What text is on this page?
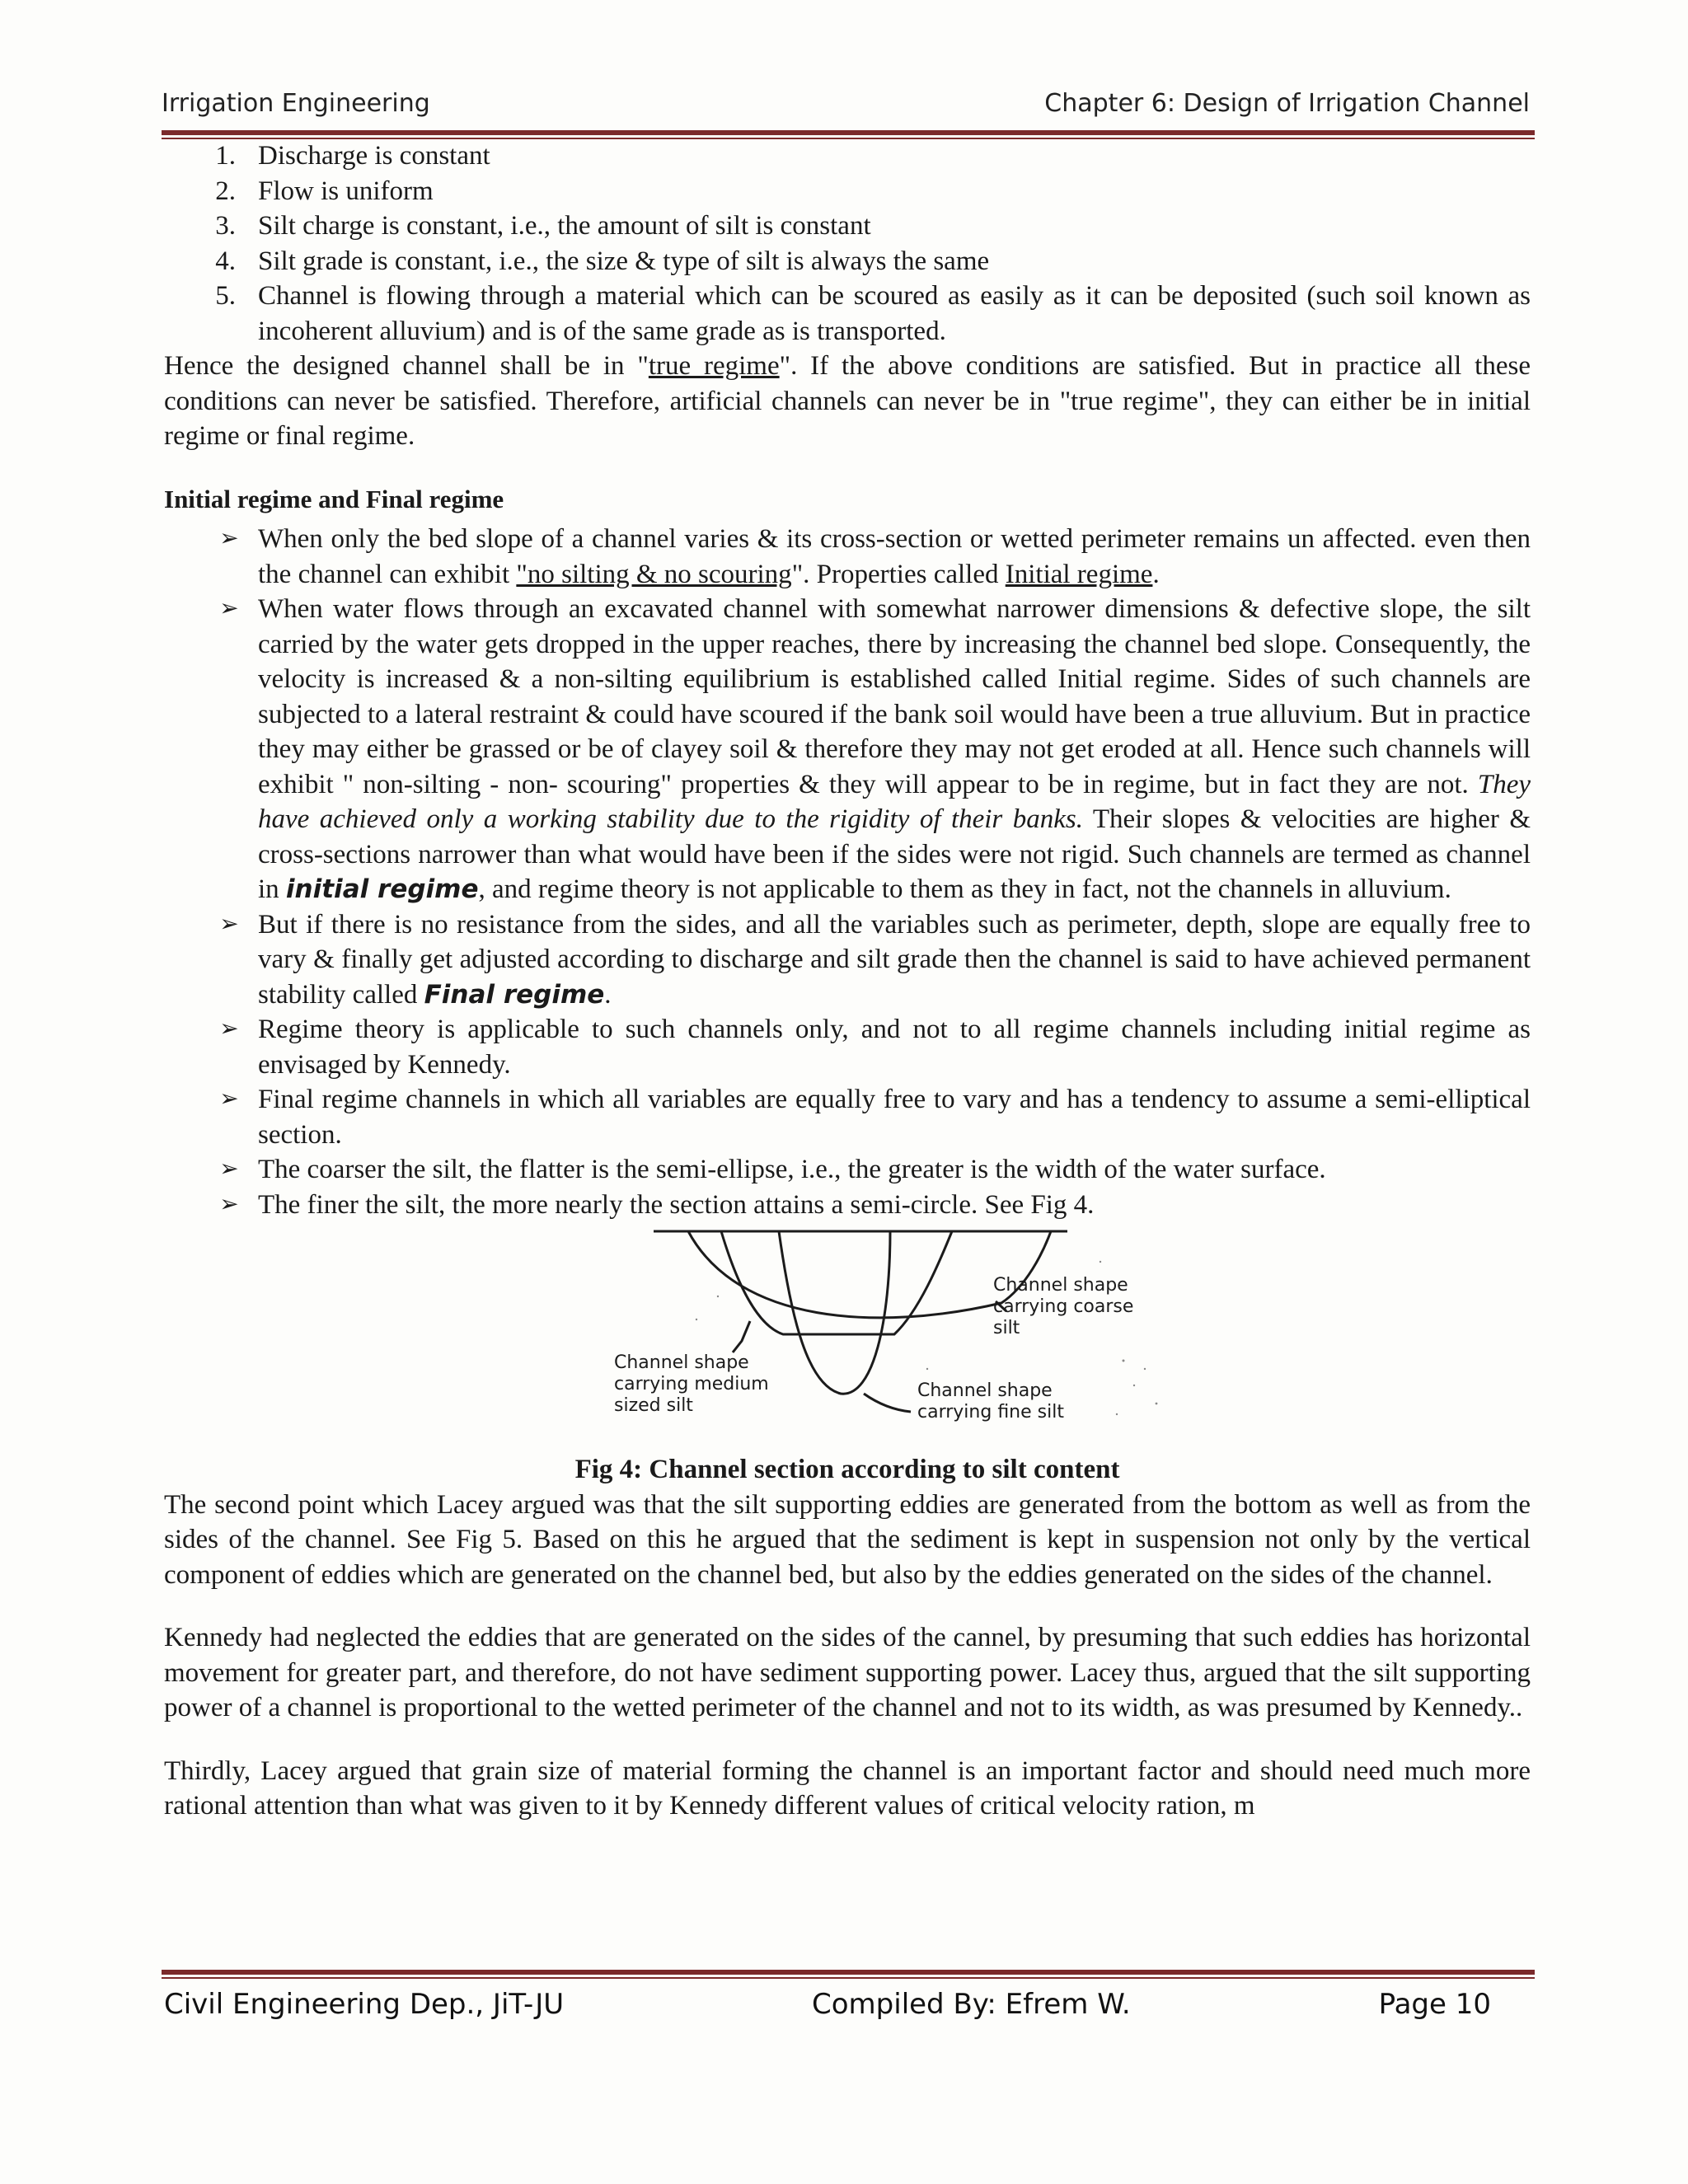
Irrigation Engineering	Chapter 6: Design of Irrigation Channel
1. Discharge is constant
2. Flow is uniform
3. Silt charge is constant, i.e., the amount of silt is constant
4. Silt grade is constant, i.e., the size & type of silt is always the same
5. Channel is flowing through a material which can be scoured as easily as it can be deposited (such soil known as incoherent alluvium) and is of the same grade as is transported.

Hence the designed channel shall be in "true regime". If the above conditions are satisfied. But in practice all these conditions can never be satisfied. Therefore, artificial channels can never be in "true regime", they can either be in initial regime or final regime.

Initial regime and Final regime
➢ When only the bed slope of a channel varies & its cross-section or wetted perimeter remains un affected. even then the channel can exhibit "no silting & no scouring". Properties called Initial regime.
➢ When water flows through an excavated channel with somewhat narrower dimensions & defective slope, the silt carried by the water gets dropped in the upper reaches, there by increasing the channel bed slope. Consequently, the velocity is increased & a non-silting equilibrium is established called Initial regime. Sides of such channels are subjected to a lateral restraint & could have scoured if the bank soil would have been a true alluvium. But in practice they may either be grassed or be of clayey soil & therefore they may not get eroded at all. Hence such channels will exhibit " non-silting - non- scouring" properties & they will appear to be in regime, but in fact they are not. They have achieved only a working stability due to the rigidity of their banks. Their slopes & velocities are higher & cross-sections narrower than what would have been if the sides were not rigid. Such channels are termed as channel in initial regime, and regime theory is not applicable to them as they in fact, not the channels in alluvium.
➢ But if there is no resistance from the sides, and all the variables such as perimeter, depth, slope are equally free to vary & finally get adjusted according to discharge and silt grade then the channel is said to have achieved permanent stability called Final regime.
➢ Regime theory is applicable to such channels only, and not to all regime channels including initial regime as envisaged by Kennedy.
➢ Final regime channels in which all variables are equally free to vary and has a tendency to assume a semi-elliptical section.
➢ The coarser the silt, the flatter is the semi-ellipse, i.e., the greater is the width of the water surface.
➢ The finer the silt, the more nearly the section attains a semi-circle. See Fig 4.
Channel shape
carrying coarse
silt
Channel shape
carrying medium
sized silt
Channel shape
carrying fine silt
Fig 4: Channel section according to silt content

The second point which Lacey argued was that the silt supporting eddies are generated from the bottom as well as from the sides of the channel. See Fig 5. Based on this he argued that the sediment is kept in suspension not only by the vertical component of eddies which are generated on the channel bed, but also by the eddies generated on the sides of the channel.

Kennedy had neglected the eddies that are generated on the sides of the cannel, by presuming that such eddies has horizontal movement for greater part, and therefore, do not have sediment supporting power. Lacey thus, argued that the silt supporting power of a channel is proportional to the wetted perimeter of the channel and not to its width, as was presumed by Kennedy..

Thirdly, Lacey argued that grain size of material forming the channel is an important factor and should need much more rational attention than what was given to it by Kennedy different values of critical velocity ration, m

Civil Engineering Dep., JiT-JU	Compiled By: Efrem W.	Page 10
